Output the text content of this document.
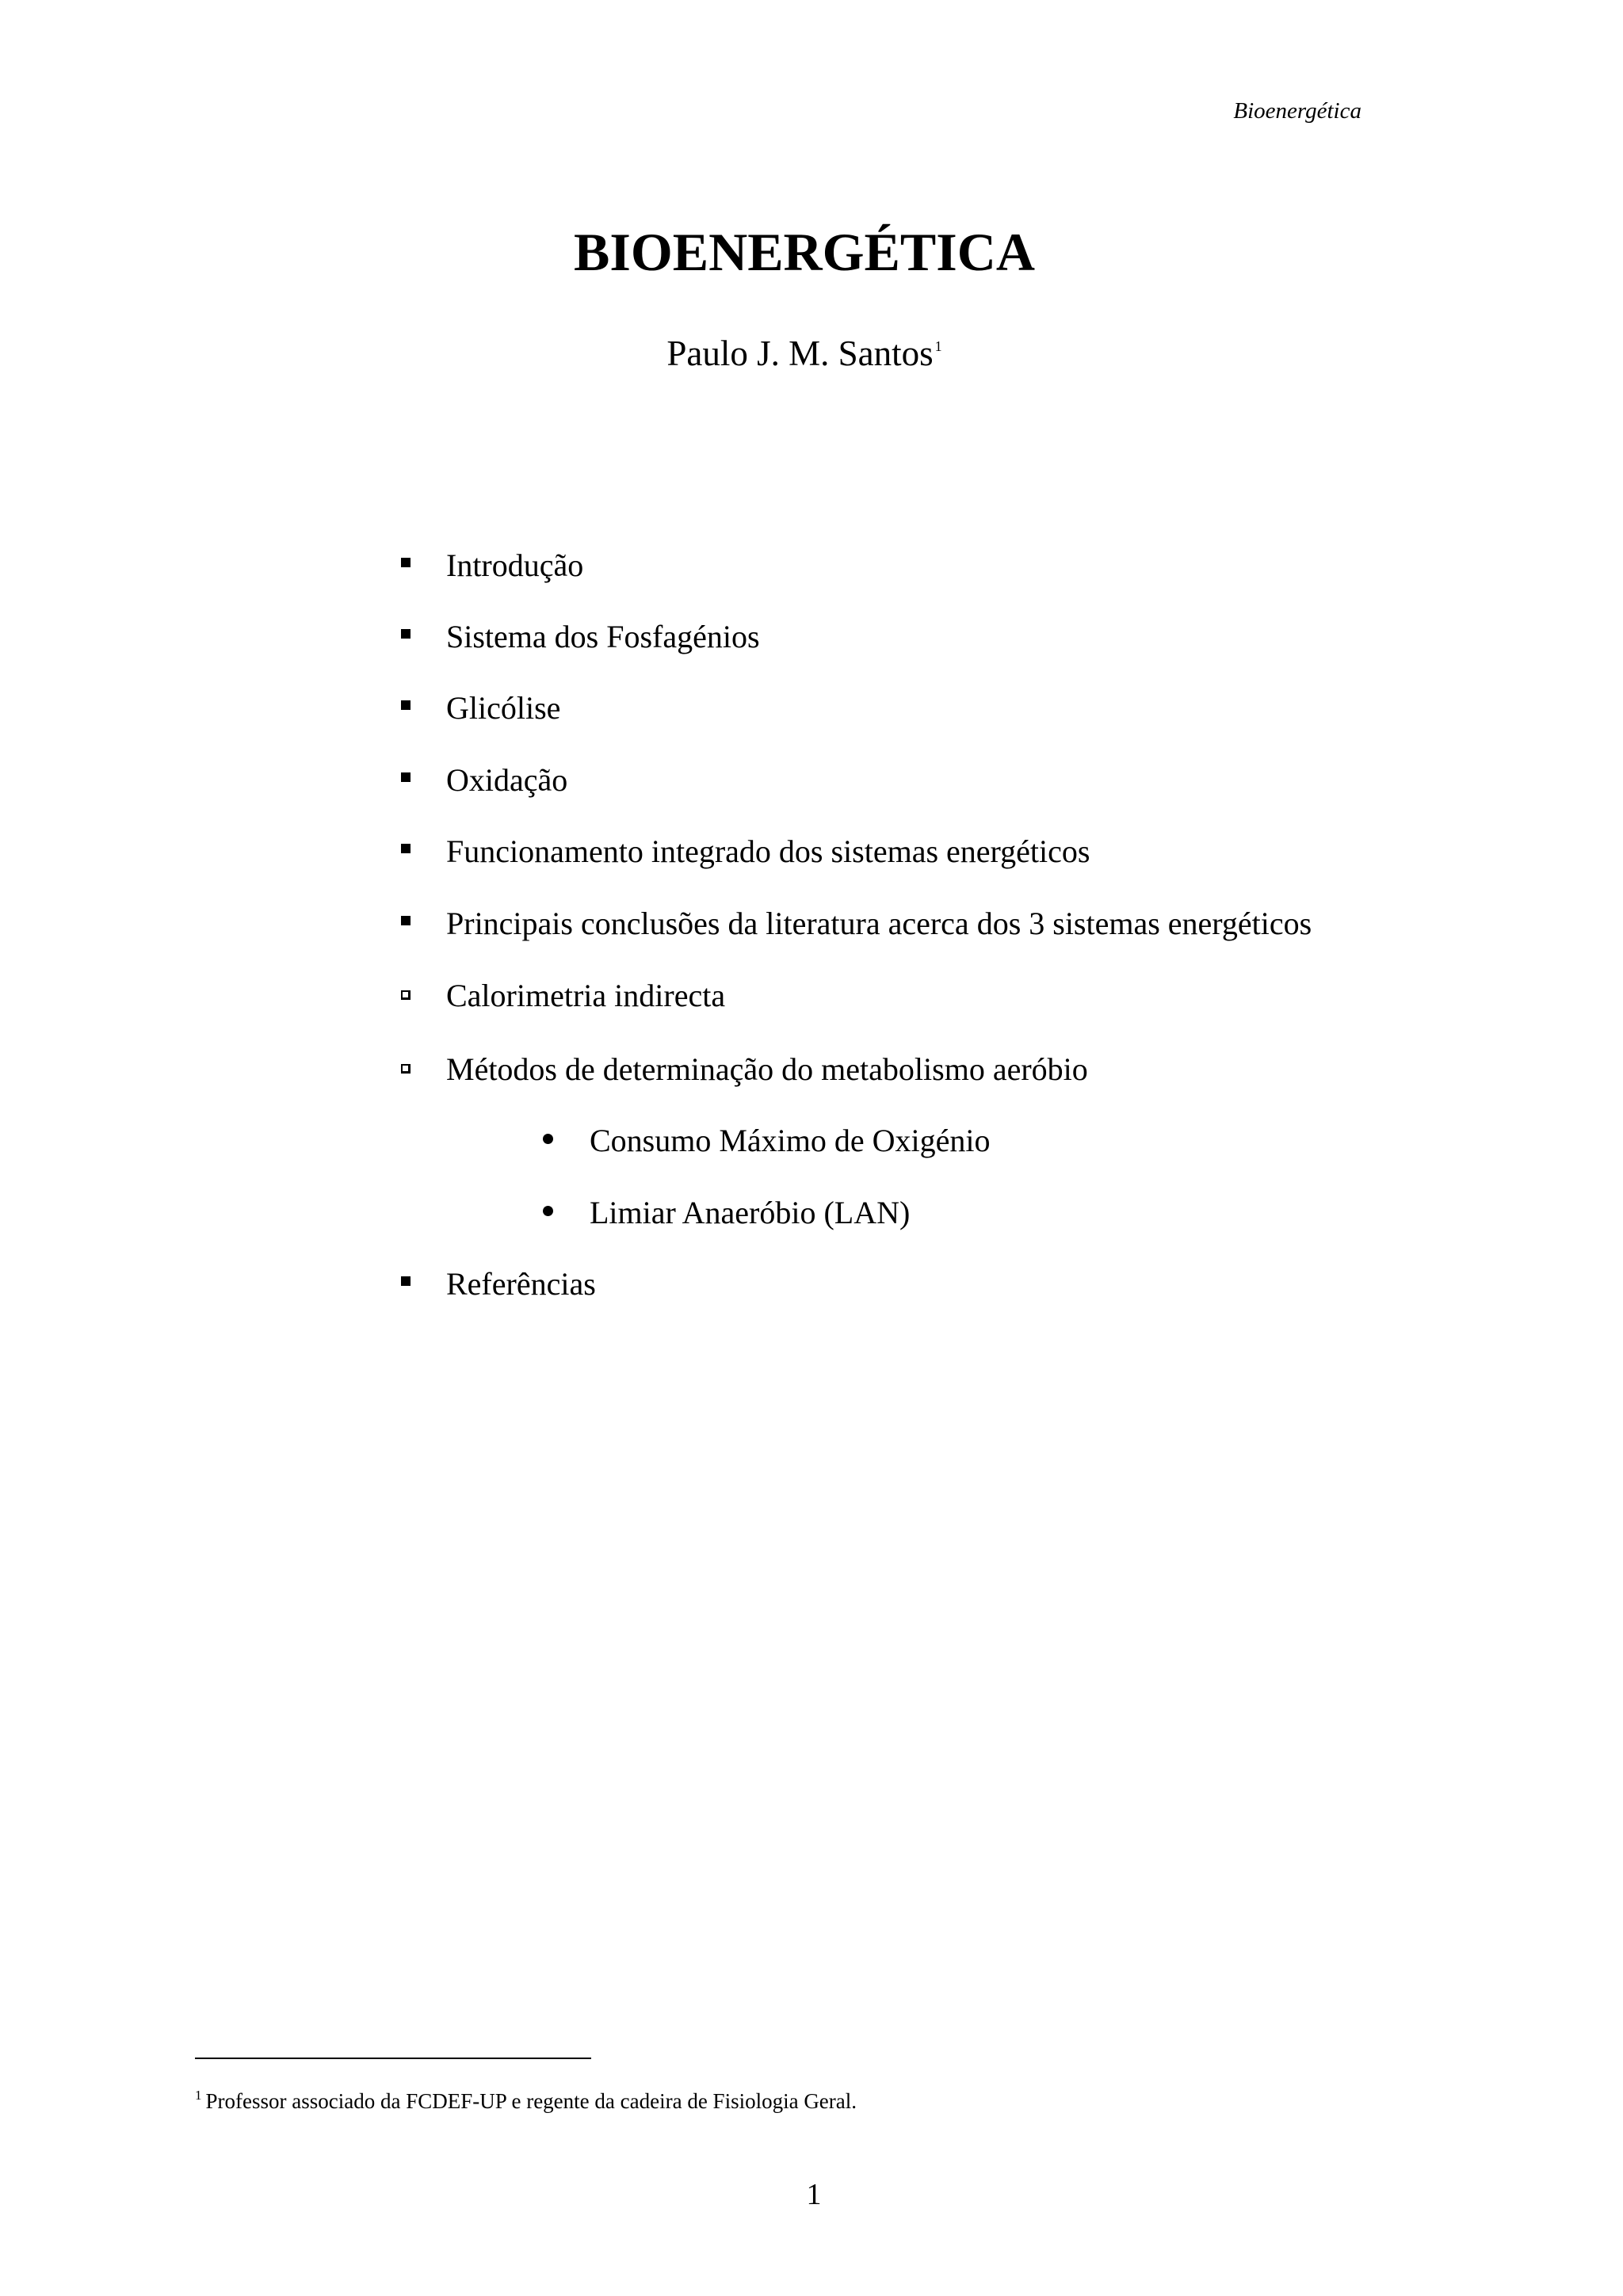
Bioenergética
BIOENERGÉTICA
Paulo J. M. Santos $^1$
Introdução
Sistema dos Fosfagénios
Glicólise
Oxidação
Funcionamento integrado dos sistemas energéticos
Principais conclusões da literatura acerca dos 3 sistemas energéticos
Calorimetria indirecta
Métodos de determinação do metabolismo aeróbio
Consumo Máximo de Oxigénio
Limiar Anaeróbio (LAN)
Referências
$^1$ Professor associado da FCDEF-UP e regente da cadeira de Fisiologia Geral.
1
